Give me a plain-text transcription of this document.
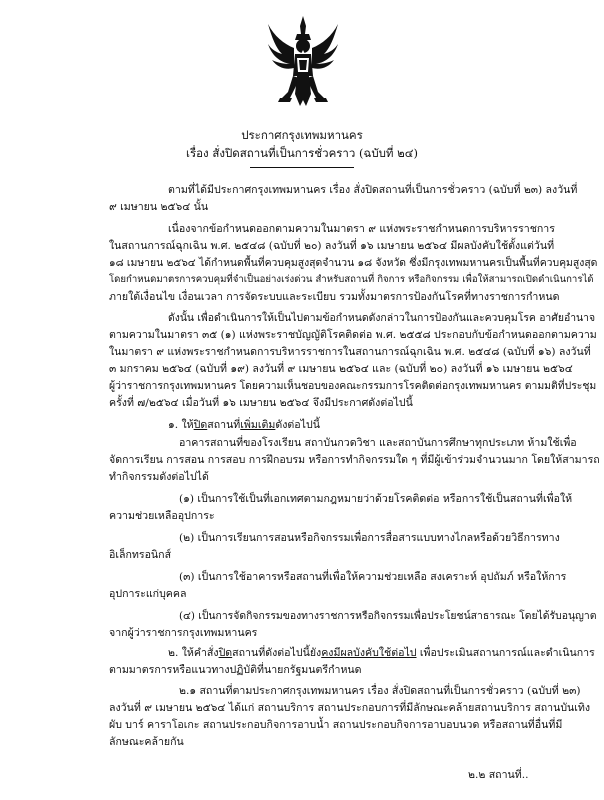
ประกาศกรุงเทพมหานคร
เรื่อง สั่งปิดสถานที่เป็นการชั่วคราว (ฉบับที่ ๒๔)
ตามที่ได้มีประกาศกรุงเทพมหานคร เรื่อง สั่งปิดสถานที่เป็นการชั่วคราว (ฉบับที่ ๒๓) ลงวันที่
๙ เมษายน ๒๕๖๔ นั้น
เนื่องจากข้อกำหนดออกตามความในมาตรา ๙ แห่งพระราชกำหนดการบริหารราชการ
ในสถานการณ์ฉุกเฉิน พ.ศ. ๒๕๔๘ (ฉบับที่ ๒๐) ลงวันที่ ๑๖ เมษายน ๒๕๖๔ มีผลบังคับใช้ตั้งแต่วันที่
๑๘ เมษายน ๒๕๖๔ ได้กำหนดพื้นที่ควบคุมสูงสุดจำนวน ๑๘ จังหวัด ซึ่งมีกรุงเทพมหานครเป็นพื้นที่ควบคุมสูงสุด
โดยกำหนดมาตรการควบคุมที่จำเป็นอย่างเร่งด่วน สำหรับสถานที่ กิจการ หรือกิจกรรม เพื่อให้สามารถเปิดดำเนินการได้
ภายใต้เงื่อนไข เงื่อนเวลา การจัดระบบและระเบียบ รวมทั้งมาตรการป้องกันโรคที่ทางราชการกำหนด
ดังนั้น เพื่อดำเนินการให้เป็นไปตามข้อกำหนดดังกล่าวในการป้องกันและควบคุมโรค อาศัยอำนาจ
ตามความในมาตรา ๓๕ (๑) แห่งพระราชบัญญัติโรคติดต่อ พ.ศ. ๒๕๕๘ ประกอบกับข้อกำหนดออกตามความ
ในมาตรา ๙ แห่งพระราชกำหนดการบริหารราชการในสถานการณ์ฉุกเฉิน พ.ศ. ๒๕๔๘ (ฉบับที่ ๑๖) ลงวันที่
๓ มกราคม ๒๕๖๔ (ฉบับที่ ๑๙) ลงวันที่ ๙ เมษายน ๒๕๖๔ และ (ฉบับที่ ๒๐) ลงวันที่ ๑๖ เมษายน ๒๕๖๔
ผู้ว่าราชการกรุงเทพมหานคร โดยความเห็นชอบของคณะกรรมการโรคติดต่อกรุงเทพมหานคร ตามมติที่ประชุม
ครั้งที่ ๗/๒๕๖๔ เมื่อวันที่ ๑๖ เมษายน ๒๕๖๔ จึงมีประกาศดังต่อไปนี้
๑. ให้ปิดสถานที่เพิ่มเติมดังต่อไปนี้
อาคารสถานที่ของโรงเรียน สถาบันกวดวิชา และสถาบันการศึกษาทุกประเภท ห้ามใช้เพื่อ
จัดการเรียน การสอน การสอบ การฝึกอบรม หรือการทำกิจกรรมใด ๆ ที่มีผู้เข้าร่วมจำนวนมาก โดยให้สามารถ
ทำกิจกรรมดังต่อไปได้
(๑) เป็นการใช้เป็นที่เอกเทศตามกฎหมายว่าด้วยโรคติดต่อ หรือการใช้เป็นสถานที่เพื่อให้
ความช่วยเหลืออุปการะ
(๒) เป็นการเรียนการสอนหรือกิจกรรมเพื่อการสื่อสารแบบทางไกลหรือด้วยวิธีการทาง
อิเล็กทรอนิกส์
(๓) เป็นการใช้อาคารหรือสถานที่เพื่อให้ความช่วยเหลือ สงเคราะห์ อุปถัมภ์ หรือให้การ
อุปการะแก่บุคคล
(๔) เป็นการจัดกิจกรรมของทางราชการหรือกิจกรรมเพื่อประโยชน์สาธารณะ โดยได้รับอนุญาต
จากผู้ว่าราชการกรุงเทพมหานคร
๒. ให้คำสั่งปิดสถานที่ดังต่อไปนี้ยังคงมีผลบังคับใช้ต่อไป เพื่อประเมินสถานการณ์และดำเนินการ
ตามมาตรการหรือแนวทางปฏิบัติที่นายกรัฐมนตรีกำหนด
๒.๑ สถานที่ตามประกาศกรุงเทพมหานคร เรื่อง สั่งปิดสถานที่เป็นการชั่วคราว (ฉบับที่ ๒๓)
ลงวันที่ ๙ เมษายน ๒๕๖๔ ได้แก่ สถานบริการ สถานประกอบการที่มีลักษณะคล้ายสถานบริการ สถานบันเทิง
ผับ บาร์ คาราโอเกะ สถานประกอบกิจการอาบน้ำ สถานประกอบกิจการอาบอบนวด หรือสถานที่อื่นที่มี
ลักษณะคล้ายกัน
๒.๒ สถานที่..
